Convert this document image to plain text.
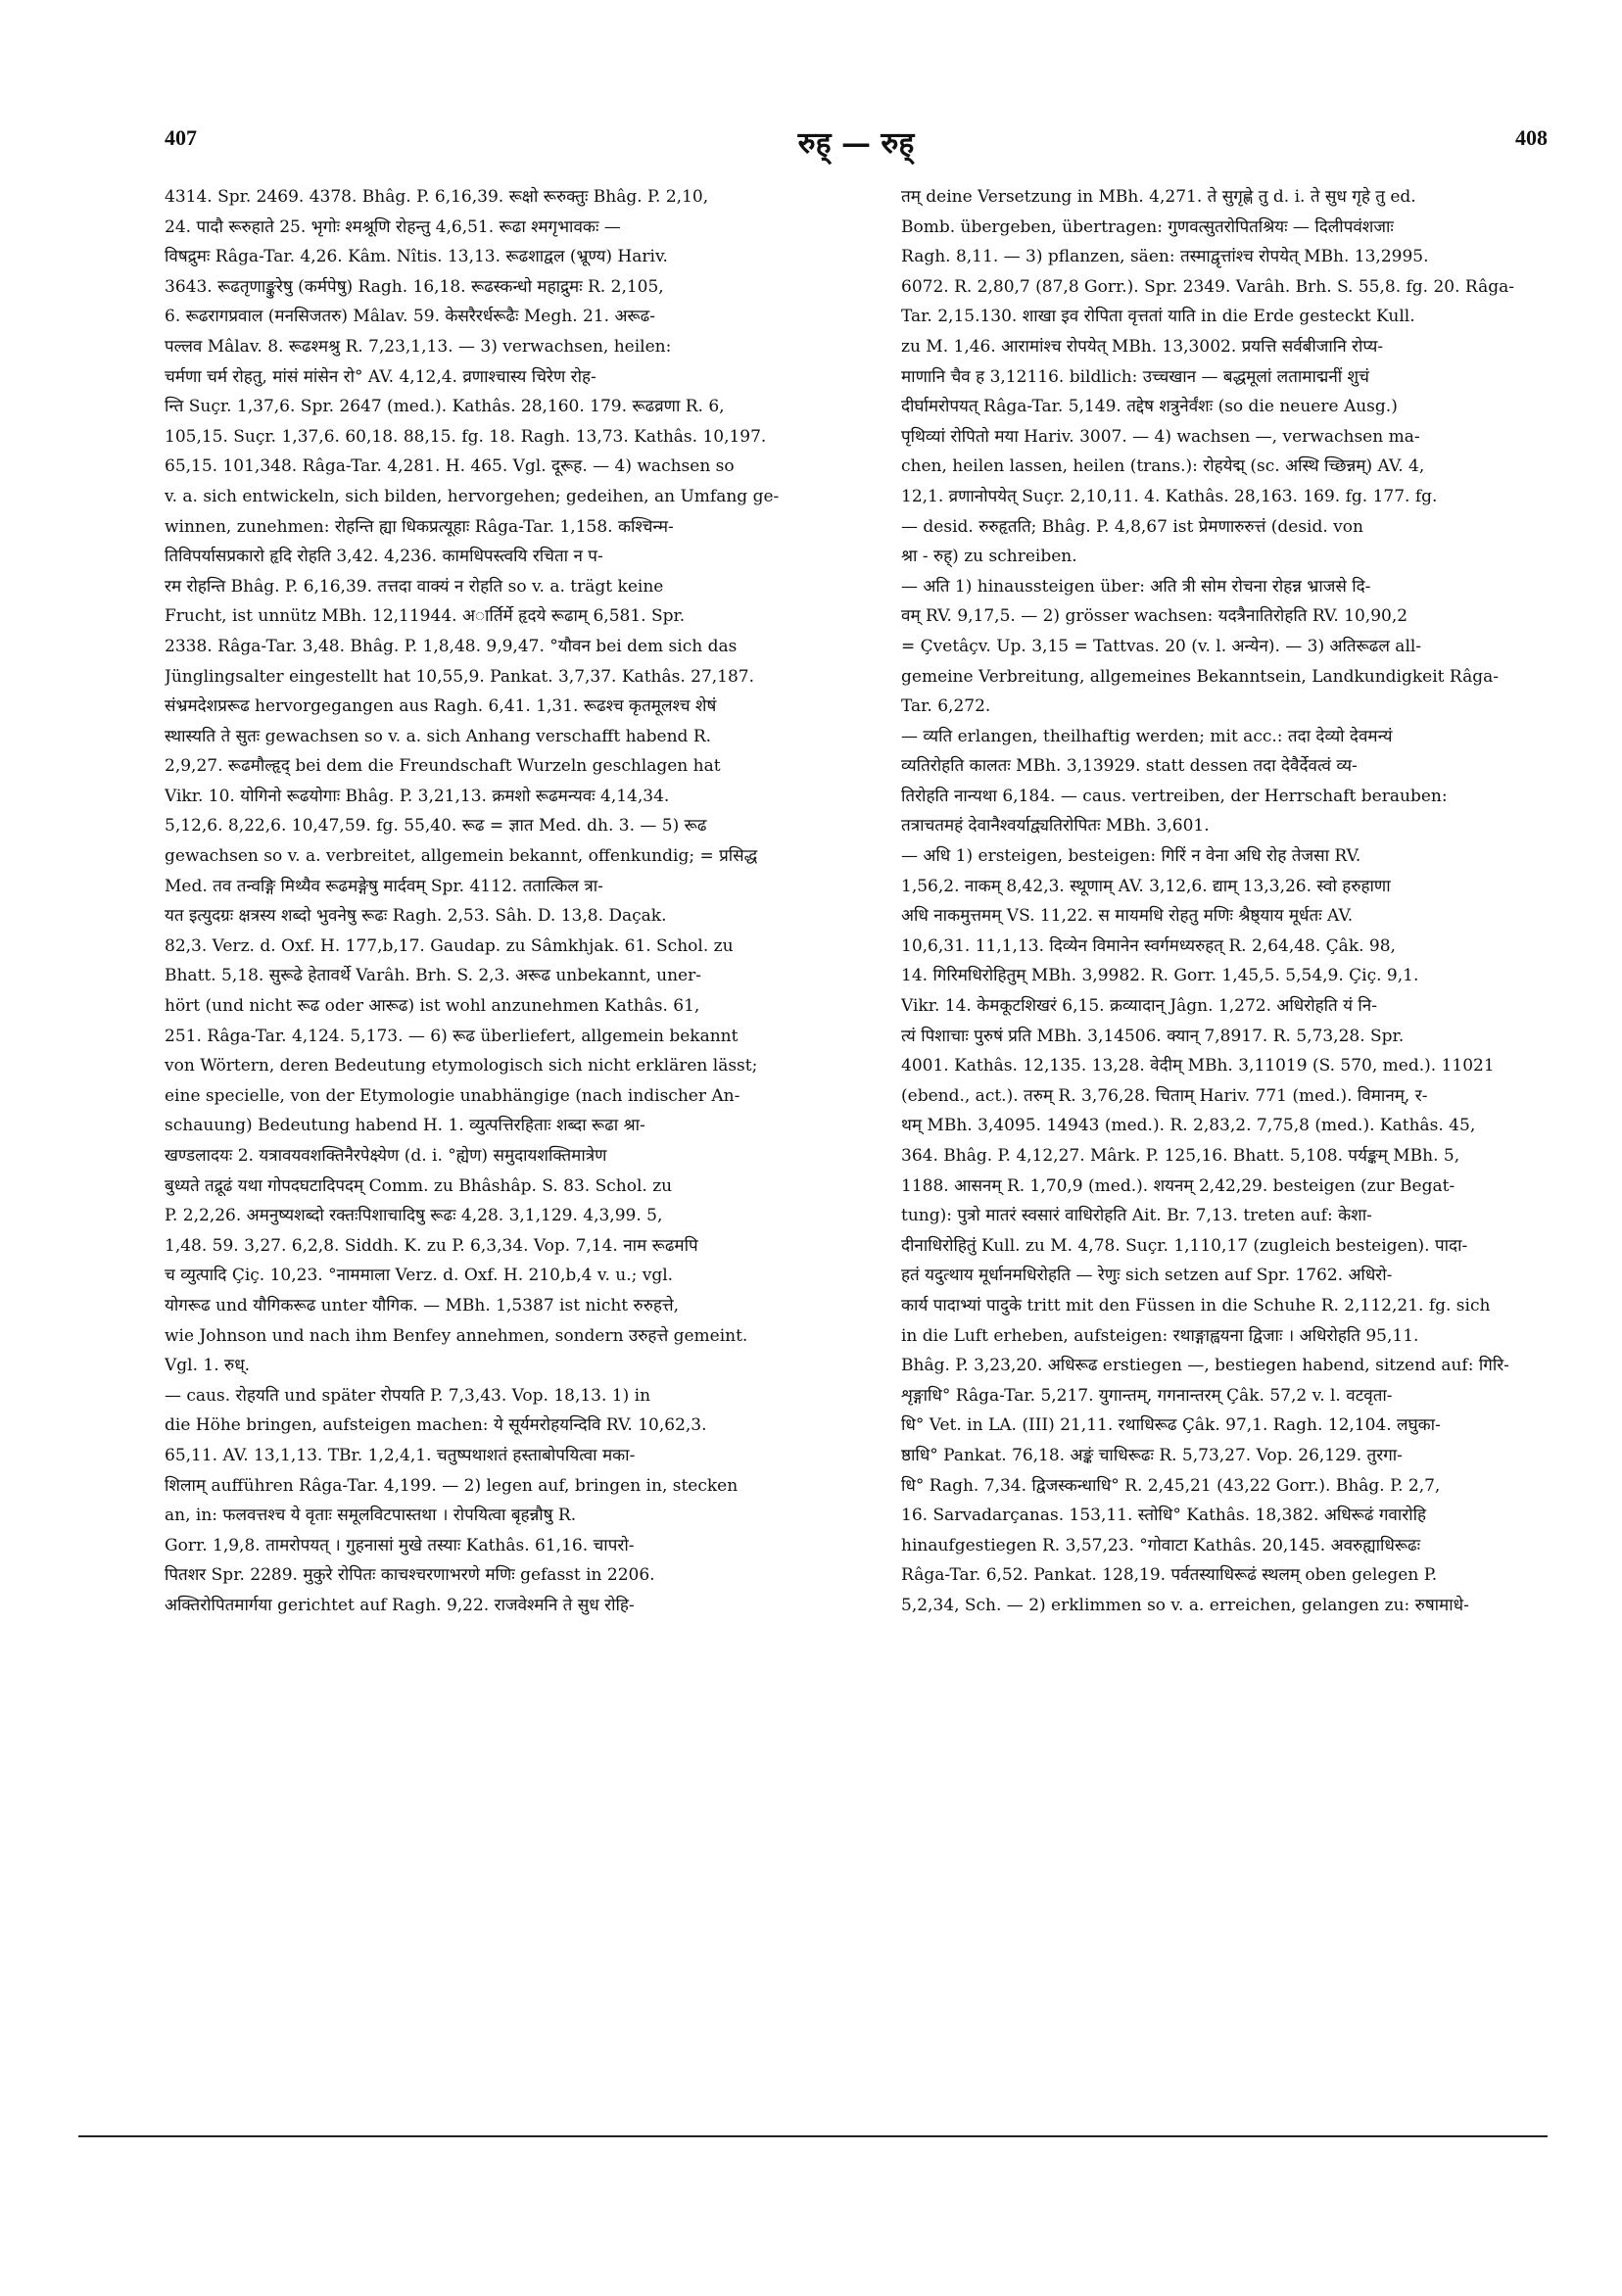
407	रुह् — रुह्	408
4314. Spr. 2469. 4378. Bhâg. P. 6,16,39. रूक्षो रूरुक्तुः Bhâg. P. 2,10,
24. पादौ रूरुहाते 25. भृगोः श्मश्रूणि रोहन्तु 4,6,51. रूढा श्मगृभावकः —
विषद्रुमः Râga-Tar. 4,26. Kâm. Nîtis. 13,13. रूढशाद्वल (भ्रूण्य) Hariv.
3643. रूढतृणाङ्कुरेषु (कर्मपेषु) Ragh. 16,18. रूढस्कन्धो महाद्रुमः R. 2,105,
6. रूढरागप्रवाल (मनसिजतरु) Mâlav. 59. केसरैरर्धरूढैः Megh. 21. अरूढ-
पल्लव Mâlav. 8. रूढश्मश्रु R. 7,23,1,13. — 3) verwachsen, heilen:
चर्मणा चर्म रोहतु, मांसं मांसेन रो° AV. 4,12,4. व्रणाश्चास्य चिरेण रोह-
न्ति Suçr. 1,37,6. Spr. 2647 (med.). Kathâs. 28,160. 179. रूढव्रणा R. 6,
105,15. Suçr. 1,37,6. 60,18. 88,15. fg. 18. Ragh. 13,73. Kathâs. 10,197.
65,15. 101,348. Râga-Tar. 4,281. H. 465. Vgl. दूरूह. — 4) wachsen so
v. a. sich entwickeln, sich bilden, hervorgehen; gedeihen, an Umfang ge-
winnen, zunehmen: रोहन्ति ह्या धिकप्रत्यूहाः Râga-Tar. 1,158. कश्चिन्म-
तिविपर्यासप्रकारो हृदि रोहति 3,42. 4,236. कामधिपस्त्वयि रचिता न प-
रम रोहन्ति Bhâg. P. 6,16,39. तत्तदा वाक्यं न रोहति so v. a. trägt keine
Frucht, ist unnütz MBh. 12,11944. अार्तिर्मे हृदये रूढाम् 6,581. Spr.
2338. Râga-Tar. 3,48. Bhâg. P. 1,8,48. 9,9,47. °यौवन bei dem sich das
Jünglingsalter eingestellt hat 10,55,9. Pankat. 3,7,37. Kathâs. 27,187.
संभ्रमदेशप्ररूढ hervorgegangen aus Ragh. 6,41. 1,31. रूढश्च कृतमूलश्च शेषं
स्थास्यति ते सुतः gewachsen so v. a. sich Anhang verschafft habend R.
2,9,27. रूढमौल्हृद् bei dem die Freundschaft Wurzeln geschlagen hat
Vikr. 10. योगिनो रूढयोगाः Bhâg. P. 3,21,13. क्रमशो रूढमन्यवः 4,14,34.
5,12,6. 8,22,6. 10,47,59. fg. 55,40. रूढ = ज्ञात Med. dh. 3. — 5) रूढ
gewachsen so v. a. verbreitet, allgemein bekannt, offenkundig; = प्रसिद्ध
Med. तव तन्वङ्गि मिथ्यैव रूढमङ्गेषु मार्दवम् Spr. 4112. ततात्किल त्रा-
यत इत्युदग्रः क्षत्रस्य शब्दो भुवनेषु रूढः Ragh. 2,53. Sâh. D. 13,8. Daçak.
82,3. Verz. d. Oxf. H. 177,b,17. Gaudap. zu Sâmkhjak. 61. Schol. zu
Bhatt. 5,18. सुरूढे हेतावर्थे Varâh. Brh. S. 2,3. अरूढ unbekannt, uner-
hört (und nicht रूढ oder आरूढ) ist wohl anzunehmen Kathâs. 61,
251. Râga-Tar. 4,124. 5,173. — 6) रूढ überliefert, allgemein bekannt
von Wörtern, deren Bedeutung etymologisch sich nicht erklären lässt;
eine specielle, von der Etymologie unabhängige (nach indischer An-
schauung) Bedeutung habend H. 1. व्युत्पत्तिरहिताः शब्दा रूढा श्रा-
खण्डलादयः 2. यत्रावयवशक्तिनैरपेक्ष्येण (d. i. °ह्येण) समुदायशक्तिमात्रेण
बुध्यते तद्रूढं यथा गोपदघटादिपदम् Comm. zu Bhâshâp. S. 83. Schol. zu
P. 2,2,26. अमनुष्यशब्दो रक्तःपिशाचादिषु रूढः 4,28. 3,1,129. 4,3,99. 5,
1,48. 59. 3,27. 6,2,8. Siddh. K. zu P. 6,3,34. Vop. 7,14. नाम रूढमपि
च व्युत्पादि Çiç. 10,23. °नाममाला Verz. d. Oxf. H. 210,b,4 v. u.; vgl.
योगरूढ und यौगिकरूढ unter यौगिक. — MBh. 1,5387 ist nicht रुरुहत्ते,
wie Johnson und nach ihm Benfey annehmen, sondern उरुहत्ते gemeint.
Vgl. 1. रुध्.
— caus. रोहयति und später रोपयति P. 7,3,43. Vop. 18,13. 1) in
die Höhe bringen, aufsteigen machen: ये सूर्यमरोहयन्दिवि RV. 10,62,3.
65,11. AV. 13,1,13. TBr. 1,2,4,1. चतुष्पथाशतं हस्ताबोपयित्वा मका-
शिलाम् aufführen Râga-Tar. 4,199. — 2) legen auf, bringen in, stecken
an, in: फलवत्तश्च ये वृताः समूलविटपास्तथा । रोपयित्वा बृहन्नौषु R.
Gorr. 1,9,8. तामरोपयत् । गुहनासां मुखे तस्याः Kathâs. 61,16. चापरो-
पितशर Spr. 2289. मुकुरे रोपितः काचश्चरणाभरणे मणिः gefasst in 2206.
अक्तिरोपितमार्गया gerichtet auf Ragh. 9,22. राजवेश्मनि ते सुध रोहि-
तम् deine Versetzung in MBh. 4,271. ते सुगृह्णे तु d. i. ते सुध गृहे तु ed.
Bomb. übergeben, übertragen: गुणवत्सुतरोपितश्रियः — दिलीपवंशजाः
Ragh. 8,11. — 3) pflanzen, säen: तस्माद्वृत्तांश्च रोपयेत् MBh. 13,2995.
6072. R. 2,80,7 (87,8 Gorr.). Spr. 2349. Varâh. Brh. S. 55,8. fg. 20. Râga-
Tar. 2,15.130. शाखा इव रोपिता वृत्ततां याति in die Erde gesteckt Kull.
zu M. 1,46. आरामांश्च रोपयेत् MBh. 13,3002. प्रयत्ति सर्वबीजानि रोप्य-
माणानि चैव ह 3,12116. bildlich: उच्चखान — बद्धमूलां लतामाद्मनीं शुचं
दीर्घामरोपयत् Râga-Tar. 5,149. तद्देष शत्रुनेर्वंशः (so die neuere Ausg.)
पृथिव्यां रोपितो मया Hariv. 3007. — 4) wachsen —, verwachsen ma-
chen, heilen lassen, heilen (trans.): रोहयेद्म् (sc. अस्थि च्छिन्नम्) AV. 4,
12,1. व्रणानोपयेत् Suçr. 2,10,11. 4. Kathâs. 28,163. 169. fg. 177. fg.
— desid. रुरुहृतति; Bhâg. P. 4,8,67 ist प्रेमणारुरुत्तं (desid. von
श्रा - रुह्) zu schreiben.
— अति 1) hinaussteigen über: अति त्री सोम रोचना रोहन्न भ्राजसे दि-
वम् RV. 9,17,5. — 2) grösser wachsen: यदत्रैनातिरोहति RV. 10,90,2
= Çvetâçv. Up. 3,15 = Tattvas. 20 (v. l. अन्येन). — 3) अतिरूढल all-
gemeine Verbreitung, allgemeines Bekanntsein, Landkundigkeit Râga-
Tar. 6,272.
— व्यति erlangen, theilhaftig werden; mit acc.: तदा देव्यो देवमन्यं
व्यतिरोहति कालतः MBh. 3,13929. statt dessen तदा देवैर्देवत्वं व्य-
तिरोहति नान्यथा 6,184. — caus. vertreiben, der Herrschaft berauben:
तत्राचतमहं देवानैश्वर्याद्व्यतिरोपितः MBh. 3,601.
— अधि 1) ersteigen, besteigen: गिरिं न वेना अधि रोह तेजसा RV.
1,56,2. नाकम् 8,42,3. स्थूणाम् AV. 3,12,6. द्याम् 13,3,26. स्वो हरुहाणा
अधि नाकमुत्तमम् VS. 11,22. स मायमधि रोहतु मणिः श्रैष्ठ्याय मूर्धतः AV.
10,6,31. 11,1,13. दिव्येन विमानेन स्वर्गमध्यरुहत् R. 2,64,48. Çâk. 98,
14. गिरिमधिरोहितुम् MBh. 3,9982. R. Gorr. 1,45,5. 5,54,9. Çiç. 9,1.
Vikr. 14. केमकूटशिखरं 6,15. क्रव्यादान् Jâgn. 1,272. अधिरोहति यं नि-
त्यं पिशाचाः पुरुषं प्रति MBh. 3,14506. क्यान् 7,8917. R. 5,73,28. Spr.
4001. Kathâs. 12,135. 13,28. वेदीम् MBh. 3,11019 (S. 570, med.). 11021
(ebend., act.). तरुम् R. 3,76,28. चिताम् Hariv. 771 (med.). विमानम्, र-
थम् MBh. 3,4095. 14943 (med.). R. 2,83,2. 7,75,8 (med.). Kathâs. 45,
364. Bhâg. P. 4,12,27. Mârk. P. 125,16. Bhatt. 5,108. पर्यङ्कम् MBh. 5,
1188. आसनम् R. 1,70,9 (med.). शयनम् 2,42,29. besteigen (zur Begat-
tung): पुत्रो मातरं स्वसारं वाधिरोहति Ait. Br. 7,13. treten auf: केशा-
दीनाधिरोहितुं Kull. zu M. 4,78. Suçr. 1,110,17 (zugleich besteigen). पादा-
हतं यदुत्थाय मूर्धानमधिरोहति — रेणुः sich setzen auf Spr. 1762. अधिरो-
कार्य पादाभ्यां पादुके tritt mit den Füssen in die Schuhe R. 2,112,21. fg. sich
in die Luft erheben, aufsteigen: रथाङ्गाह्वयना द्विजाः । अधिरोहति 95,11.
Bhâg. P. 3,23,20. अधिरूढ erstiegen —, bestiegen habend, sitzend auf: गिरि-
शृङ्गाधि° Râga-Tar. 5,217. युगान्तम्, गगनान्तरम् Çâk. 57,2 v. l. वटवृता-
धि° Vet. in LA. (III) 21,11. रथाधिरूढ Çâk. 97,1. Ragh. 12,104. लघुका-
ष्ठाधि° Pankat. 76,18. अङ्कं चाधिरूढः R. 5,73,27. Vop. 26,129. तुरगा-
धि° Ragh. 7,34. द्विजस्कन्धाधि° R. 2,45,21 (43,22 Gorr.). Bhâg. P. 2,7,
16. Sarvadarçanas. 153,11. स्तोधि° Kathâs. 18,382. अधिरूढं गवारोहि
hinaufgestiegen R. 3,57,23. °गोवाटा Kathâs. 20,145. अवरुह्याधिरूढः
Râga-Tar. 6,52. Pankat. 128,19. पर्वतस्याधिरूढं स्थलम् oben gelegen P.
5,2,34, Sch. — 2) erklimmen so v. a. erreichen, gelangen zu: रुषामाधे-
